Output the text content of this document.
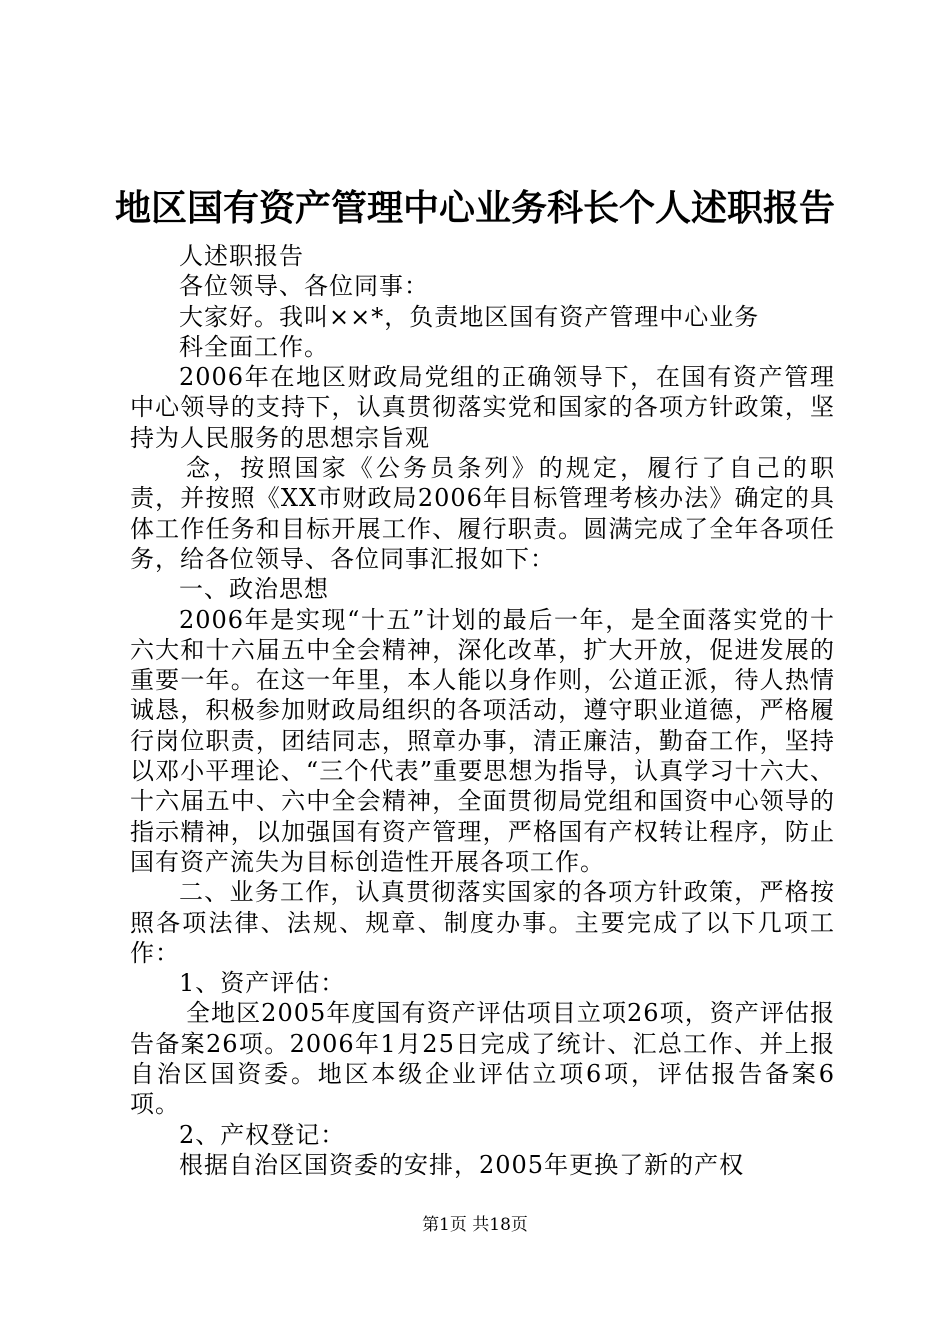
地区国有资产管理中心业务科长个人述职报告

人述职报告

各位领导、各位同事：

大家好。我叫××*，负责地区国有资产管理中心业务

科全面工作。

2006年在地区财政局党组的正确领导下，在国有资产管理中心领导的支持下，认真贯彻落实党和国家的各项方针政策，坚持为人民服务的思想宗旨观

念，按照国家《公务员条列》的规定，履行了自己的职责，并按照《XX市财政局2006年目标管理考核办法》确定的具体工作任务和目标开展工作、履行职责。圆满完成了全年各项任务，给各位领导、各位同事汇报如下：

一、政治思想

2006年是实现“十五”计划的最后一年，是全面落实党的十六大和十六届五中全会精神，深化改革，扩大开放，促进发展的重要一年。在这一年里，本人能以身作则，公道正派，待人热情诚恳，积极参加财政局组织的各项活动，遵守职业道德，严格履行岗位职责，团结同志，照章办事，清正廉洁，勤奋工作，坚持以邓小平理论、“三个代表”重要思想为指导，认真学习十六大、十六届五中、六中全会精神，全面贯彻局党组和国资中心领导的指示精神，以加强国有资产管理，严格国有产权转让程序，防止国有资产流失为目标创造性开展各项工作。

二、业务工作，认真贯彻落实国家的各项方针政策，严格按照各项法律、法规、规章、制度办事。主要完成了以下几项工作：

1、资产评估：

全地区2005年度国有资产评估项目立项26项，资产评估报告备案26项。2006年1月25日完成了统计、汇总工作、并上报自治区国资委。地区本级企业评估立项6项，评估报告备案6项。

2、产权登记：

根据自治区国资委的安排，2005年更换了新的产权

第1页 共18页
